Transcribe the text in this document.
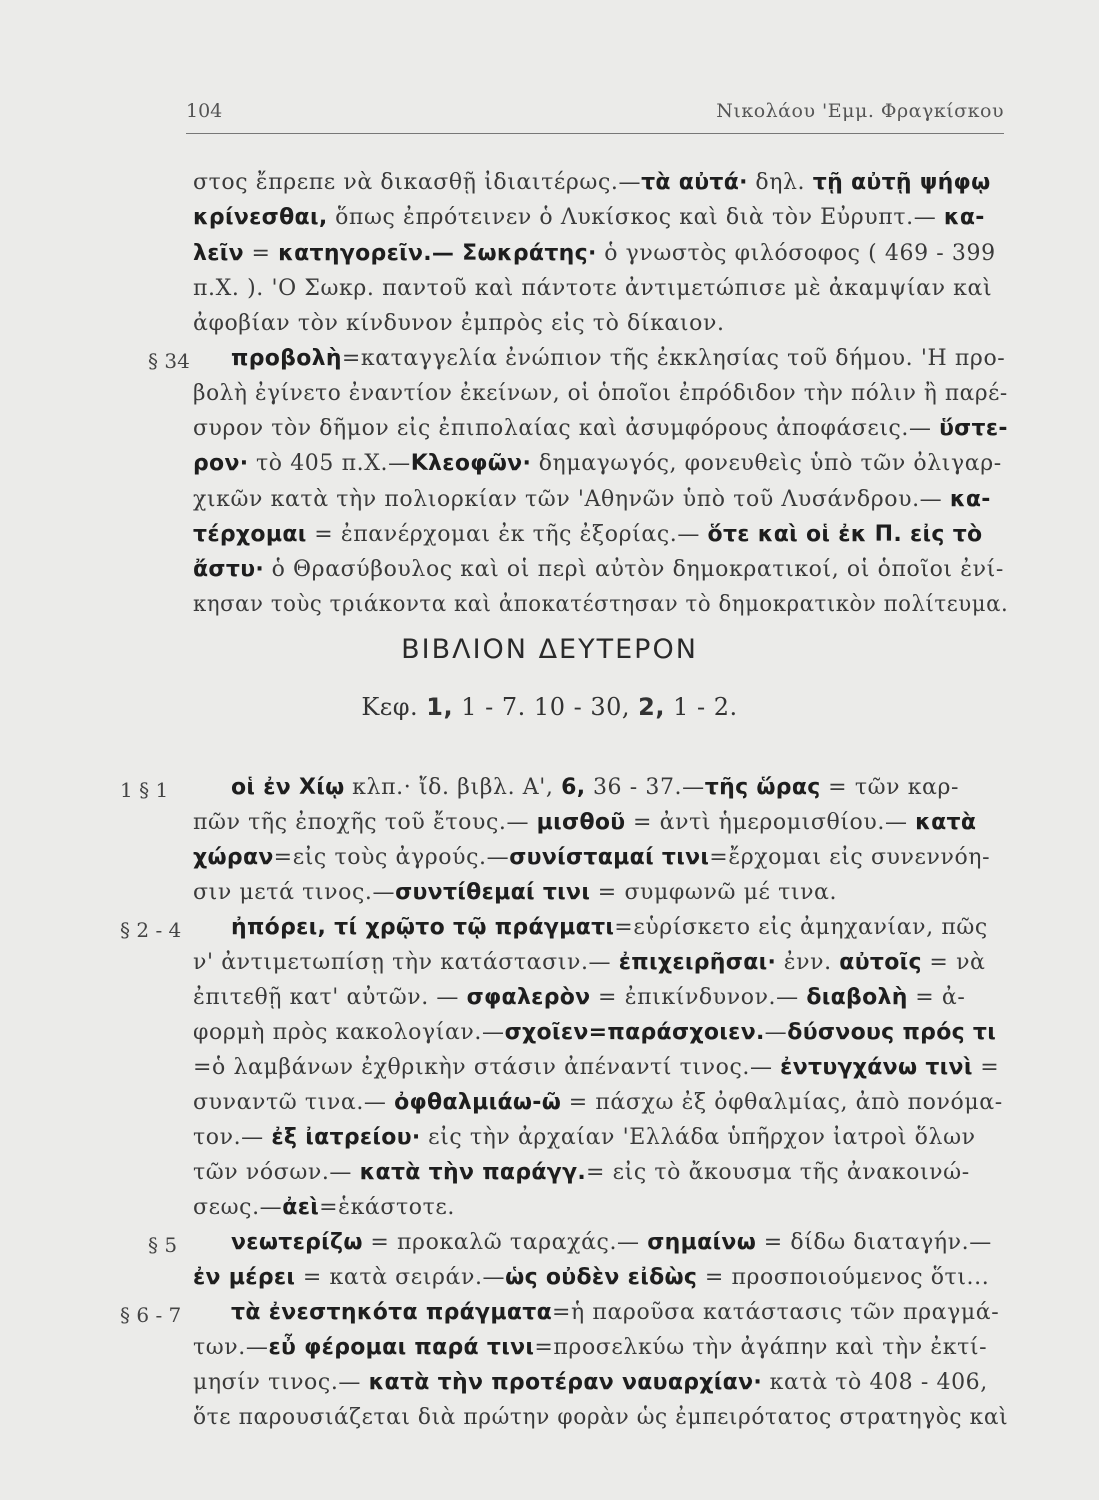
104	Νικολάου 'Εμμ. Φραγκίσκου
στος ἔπρεπε νὰ δικασθῇ ἰδιαιτέρως.—τὰ αὐτά· δηλ. τῇ αὐτῇ ψήφῳ
κρίνεσθαι, ὅπως ἐπρότεινεν ὁ Λυκίσκος καὶ διὰ τὸν Εὐρυπτ.— κα-
λεῖν = κατηγορεῖν.— Σωκράτης· ὁ γνωστὸς φιλόσοφος ( 469 - 399
π.Χ. ). 'Ο Σωκρ. παντοῦ καὶ πάντοτε ἀντιμετώπισε μὲ ἀκαμψίαν καὶ
ἀφοβίαν τὸν κίνδυνον ἐμπρὸς εἰς τὸ δίκαιον.
§ 34 προβολὴ=καταγγελία ἐνώπιον τῆς ἐκκλησίας τοῦ δήμου. 'Η προ-
βολὴ ἐγίνετο ἐναντίον ἐκείνων, οἱ ὁποῖοι ἐπρόδιδον τὴν πόλιν ἢ παρέ-
συρον τὸν δῆμον εἰς ἐπιπολαίας καὶ ἀσυμφόρους ἀποφάσεις.— ὕστε-
ρον· τὸ 405 π.Χ.—Κλεοφῶν· δημαγωγός, φονευθεὶς ὑπὸ τῶν ὀλιγαρ-
χικῶν κατὰ τὴν πολιορκίαν τῶν 'Αθηνῶν ὑπὸ τοῦ Λυσάνδρου.— κα-
τέρχομαι = ἐπανέρχομαι ἐκ τῆς ἐξορίας.— ὅτε καὶ οἱ ἐκ Π. εἰς τὸ
ἄστυ· ὁ Θρασύβουλος καὶ οἱ περὶ αὐτὸν δημοκρατικοί, οἱ ὁποῖοι ἐνί-
κησαν τοὺς τριάκοντα καὶ ἀποκατέστησαν τὸ δημοκρατικὸν πολίτευμα.
ΒΙΒΛΙΟΝ ΔΕΥΤΕΡΟΝ
Κεφ. 1, 1 - 7. 10 - 30, 2, 1 - 2.
1 § 1	οἱ ἐν Χίῳ κλπ.· ἴδ. βιβλ. Α', 6, 36 - 37.—τῆς ὥρας = τῶν καρ-
πῶν τῆς ἐποχῆς τοῦ ἔτους.— μισθοῦ = ἀντὶ ἡμερομισθίου.— κατὰ
χώραν=εἰς τοὺς ἀγρούς.—συνίσταμαί τινι=ἔρχομαι εἰς συνεννόη-
σιν μετά τινος.—συντίθεμαί τινι = συμφωνῶ μέ τινα.
§ 2 - 4 ἠπόρει, τί χρῷτο τῷ πράγματι=εὑρίσκετο εἰς ἀμηχανίαν, πῶς
ν' ἀντιμετωπίσῃ τὴν κατάστασιν.— ἐπιχειρῆσαι· ἐνν. αὐτοῖς = νὰ
ἐπιτεθῇ κατ' αὐτῶν. — σφαλερὸν = ἐπικίνδυνον.— διαβολὴ = ἀ-
φορμὴ πρὸς κακολογίαν.—σχοῖεν=παράσχοιεν.—δύσνους πρός τι
=ὁ λαμβάνων ἐχθρικὴν στάσιν ἀπέναντί τινος.— ἐντυγχάνω τινὶ =
συναντῶ τινα.— ὀφθαλμιάω-ῶ = πάσχω ἐξ ὀφθαλμίας, ἀπὸ πονόμα-
τον.— ἐξ ἰατρείου· εἰς τὴν ἀρχαίαν 'Ελλάδα ὑπῆρχον ἰατροὶ ὅλων
τῶν νόσων.— κατὰ τὴν παράγγ.= εἰς τὸ ἄκουσμα τῆς ἀνακοινώ-
σεως.—ἀεὶ=ἑκάστοτε.
§ 5 νεωτερίζω = προκαλῶ ταραχάς.— σημαίνω = δίδω διαταγήν.—
ἐν μέρει = κατὰ σειράν.—ὡς οὐδὲν εἰδὼς = προσποιούμενος ὅτι...
§ 6 - 7 τὰ ἐνεστηκότα πράγματα=ἡ παροῦσα κατάστασις τῶν πραγμά-
των.—εὖ φέρομαι παρά τινι=προσελκύω τὴν ἀγάπην καὶ τὴν ἐκτί-
μησίν τινος.— κατὰ τὴν προτέραν ναυαρχίαν· κατὰ τὸ 408 - 406,
ὅτε παρουσιάζεται διὰ πρώτην φορὰν ὡς ἐμπειρότατος στρατηγὸς καὶ
